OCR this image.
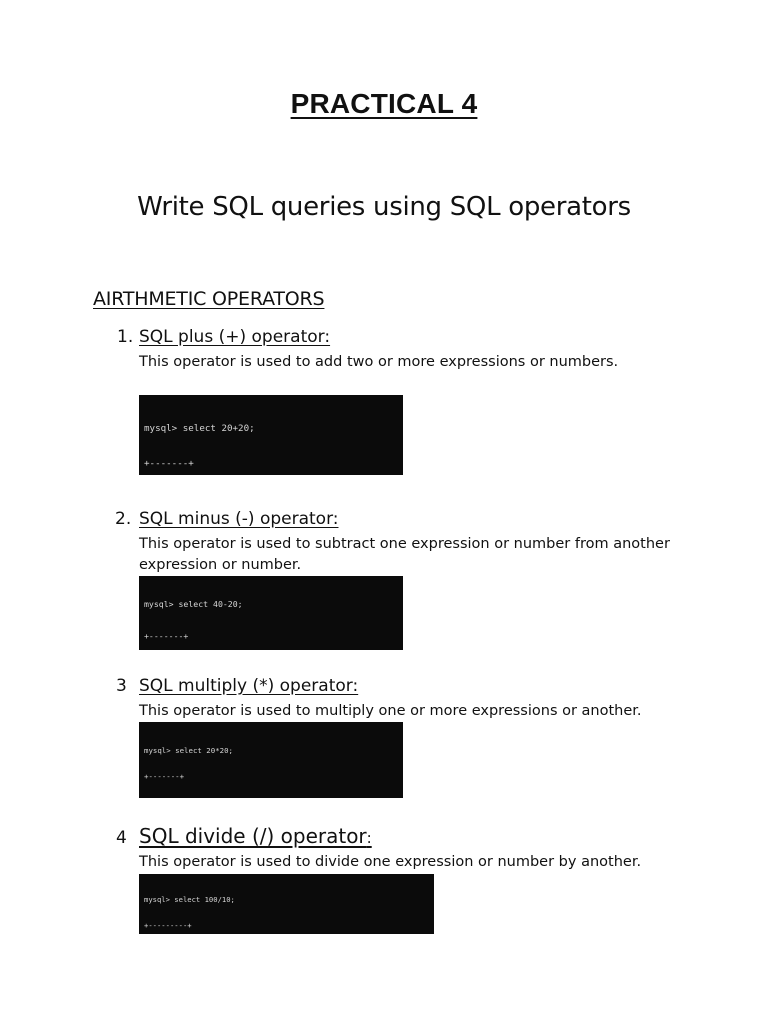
PRACTICAL 4
Write SQL queries using SQL operators
AIRTHMETIC OPERATORS
1. SQL plus (+) operator:
This operator is used to add two or more expressions or numbers.

mysql> select 20+20;

+-------+

2. SQL minus (-) operator:
This operator is used to subtract one expression or number from another expression or number.

mysql> select 40-20;

+-------+

3 SQL multiply (*) operator:
This operator is used to multiply one or more expressions or another.

mysql> select 20*20;

+-------+

4 SQL divide (/) operator:
This operator is used to divide one expression or number by another.

mysql> select 100/10;

+---------+
